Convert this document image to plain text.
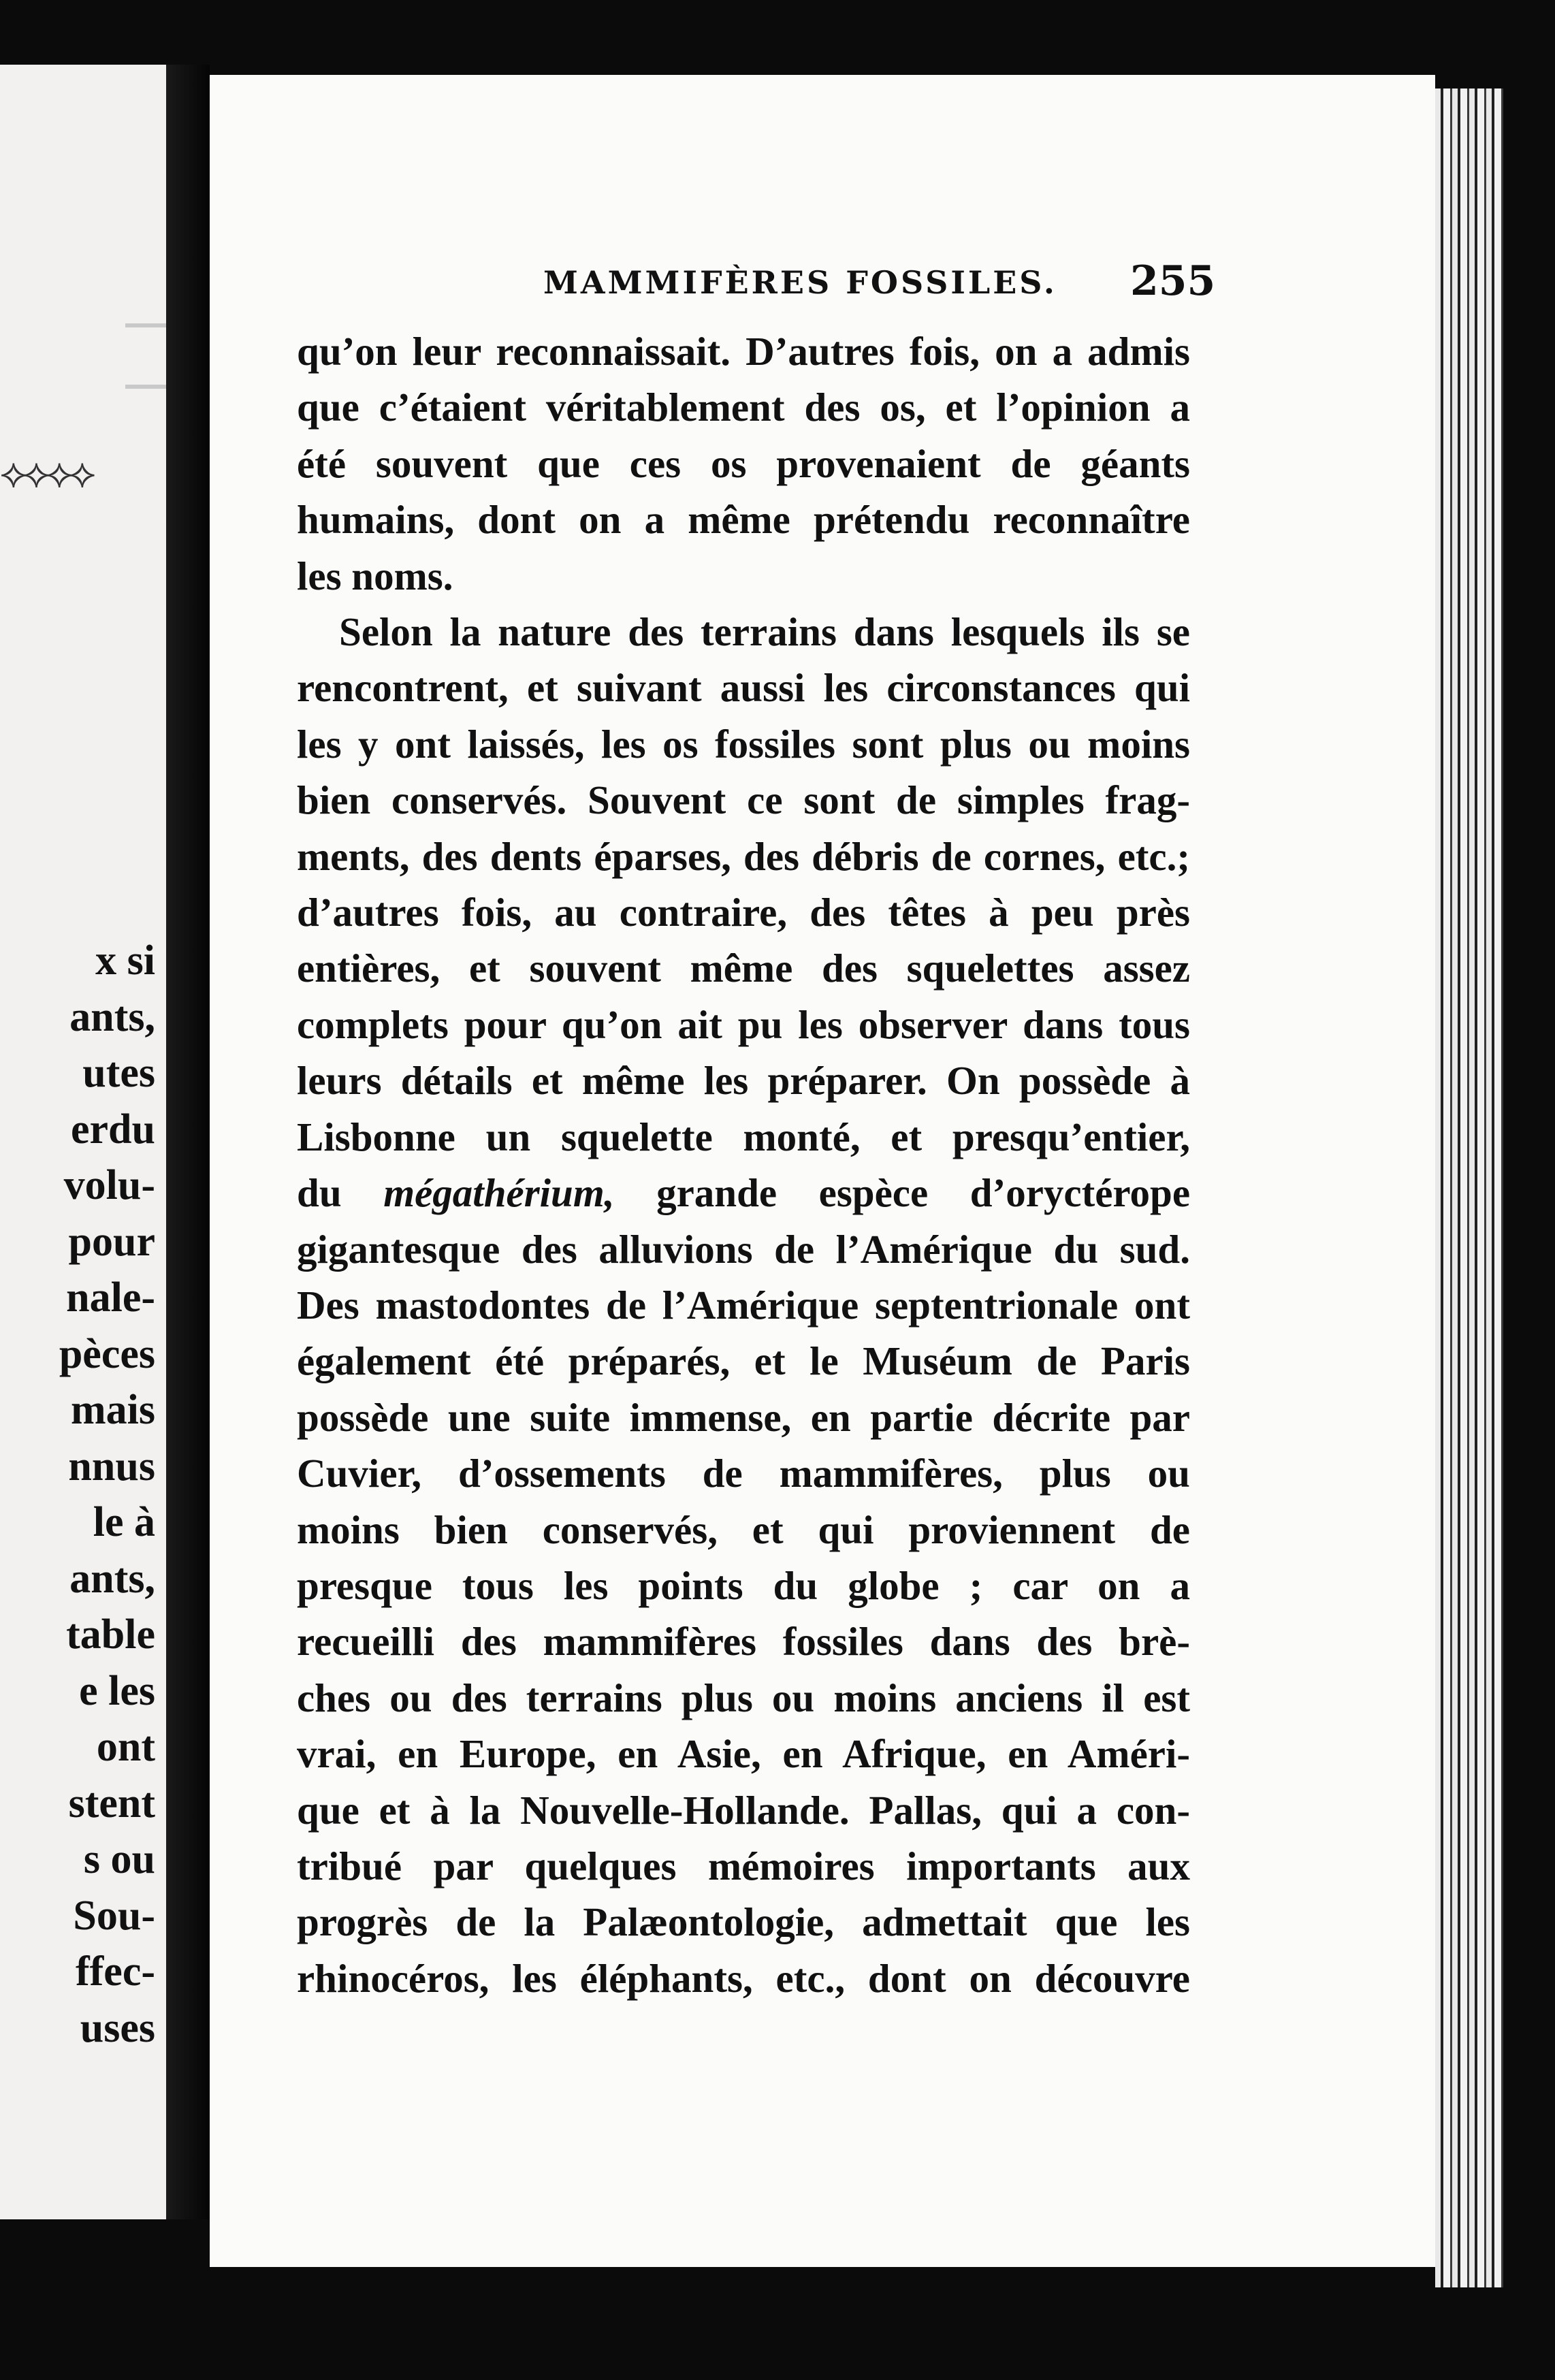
⟡⟡⟡⟡
x si
ants,
utes
erdu
volu-
pour
nale-
pèces
mais
nnus
le à
ants,
table
e les
ont
stent
s ou
Sou-
ffec-
uses
MAMMIFÈRES FOSSILES. 255
qu’on leur reconnaissait. D’autres fois, on a admis
que c’étaient véritablement des os, et l’opinion a
été souvent que ces os provenaient de géants
humains, dont on a même prétendu reconnaître
les noms.
Selon la nature des terrains dans lesquels ils se
rencontrent, et suivant aussi les circonstances qui
les y ont laissés, les os fossiles sont plus ou moins
bien conservés. Souvent ce sont de simples frag-
ments, des dents éparses, des débris de cornes, etc.;
d’autres fois, au contraire, des têtes à peu près
entières, et souvent même des squelettes assez
complets pour qu’on ait pu les observer dans tous
leurs détails et même les préparer. On possède à
Lisbonne un squelette monté, et presqu’entier,
du mégathérium, grande espèce d’oryctérope
gigantesque des alluvions de l’Amérique du sud.
Des mastodontes de l’Amérique septentrionale ont
également été préparés, et le Muséum de Paris
possède une suite immense, en partie décrite par
Cuvier, d’ossements de mammifères, plus ou
moins bien conservés, et qui proviennent de
presque tous les points du globe ; car on a
recueilli des mammifères fossiles dans des brè-
ches ou des terrains plus ou moins anciens il est
vrai, en Europe, en Asie, en Afrique, en Améri-
que et à la Nouvelle-Hollande. Pallas, qui a con-
tribué par quelques mémoires importants aux
progrès de la Palæontologie, admettait que les
rhinocéros, les éléphants, etc., dont on découvre
